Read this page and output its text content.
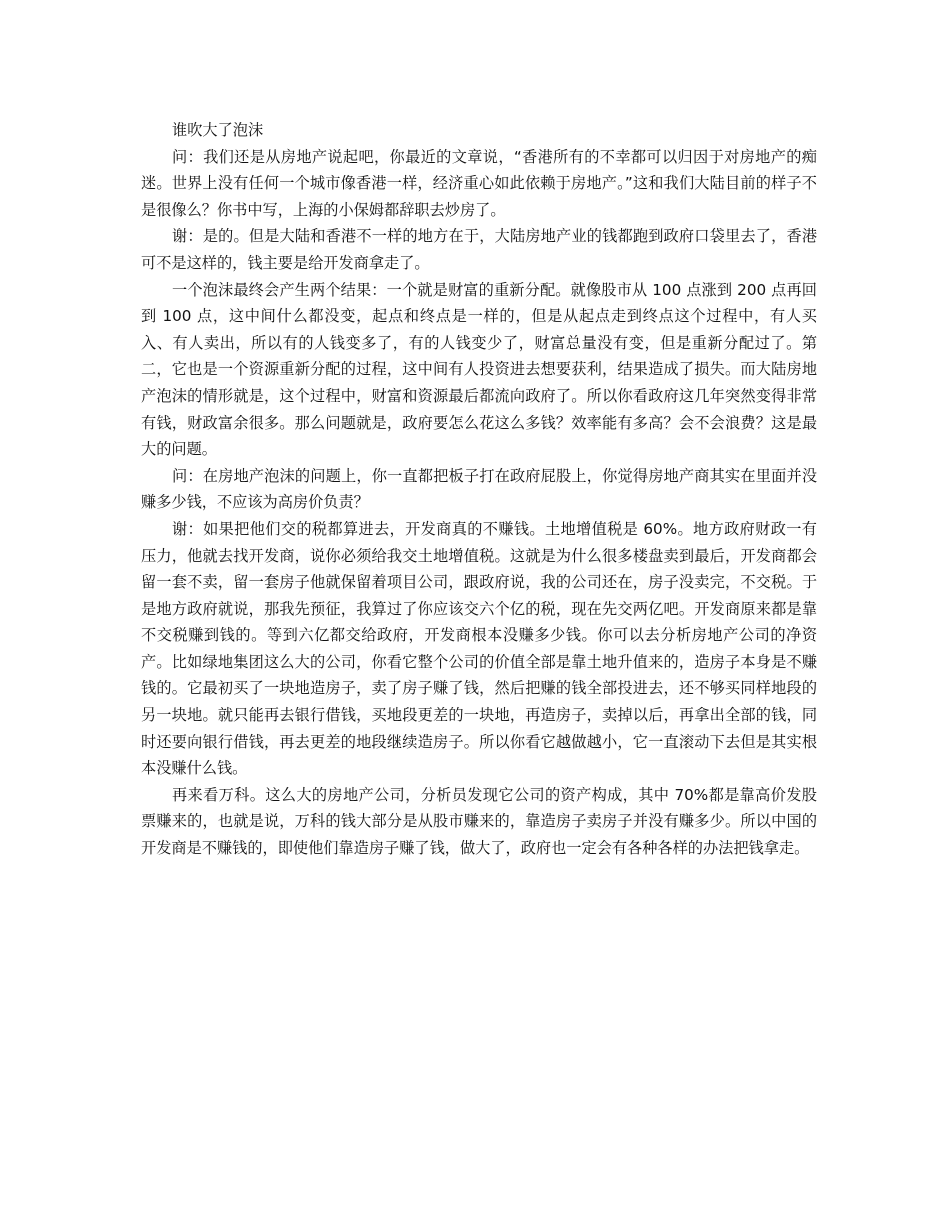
谁吹大了泡沫

问：我们还是从房地产说起吧，你最近的文章说，“香港所有的不幸都可以归因于对房地产的痴迷。世界上没有任何一个城市像香港一样，经济重心如此依赖于房地产。”这和我们大陆目前的样子不是很像么？你书中写，上海的小保姆都辞职去炒房了。

谢：是的。但是大陆和香港不一样的地方在于，大陆房地产业的钱都跑到政府口袋里去了，香港可不是这样的，钱主要是给开发商拿走了。

一个泡沫最终会产生两个结果：一个就是财富的重新分配。就像股市从 100 点涨到 200 点再回到 100 点，这中间什么都没变，起点和终点是一样的，但是从起点走到终点这个过程中，有人买入、有人卖出，所以有的人钱变多了，有的人钱变少了，财富总量没有变，但是重新分配过了。第二，它也是一个资源重新分配的过程，这中间有人投资进去想要获利，结果造成了损失。而大陆房地产泡沫的情形就是，这个过程中，财富和资源最后都流向政府了。所以你看政府这几年突然变得非常有钱，财政富余很多。那么问题就是，政府要怎么花这么多钱？效率能有多高？会不会浪费？这是最大的问题。

问：在房地产泡沫的问题上，你一直都把板子打在政府屁股上，你觉得房地产商其实在里面并没赚多少钱，不应该为高房价负责？

谢：如果把他们交的税都算进去，开发商真的不赚钱。土地增值税是 60%。地方政府财政一有压力，他就去找开发商，说你必须给我交土地增值税。这就是为什么很多楼盘卖到最后，开发商都会留一套不卖，留一套房子他就保留着项目公司，跟政府说，我的公司还在，房子没卖完，不交税。于是地方政府就说，那我先预征，我算过了你应该交六个亿的税，现在先交两亿吧。开发商原来都是靠不交税赚到钱的。等到六亿都交给政府，开发商根本没赚多少钱。你可以去分析房地产公司的净资产。比如绿地集团这么大的公司，你看它整个公司的价值全部是靠土地升值来的，造房子本身是不赚钱的。它最初买了一块地造房子，卖了房子赚了钱，然后把赚的钱全部投进去，还不够买同样地段的另一块地。就只能再去银行借钱，买地段更差的一块地，再造房子，卖掉以后，再拿出全部的钱，同时还要向银行借钱，再去更差的地段继续造房子。所以你看它越做越小，它一直滚动下去但是其实根本没赚什么钱。

再来看万科。这么大的房地产公司，分析员发现它公司的资产构成，其中 70%都是靠高价发股票赚来的，也就是说，万科的钱大部分是从股市赚来的，靠造房子卖房子并没有赚多少。所以中国的开发商是不赚钱的，即使他们靠造房子赚了钱，做大了，政府也一定会有各种各样的办法把钱拿走。
